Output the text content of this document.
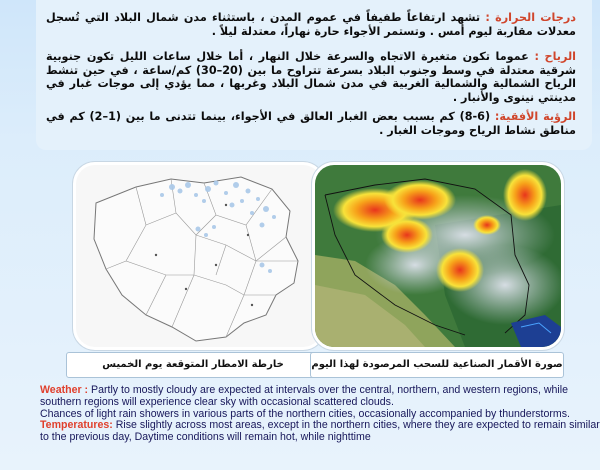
درجات الحرارة : تشهد ارتفاعاً طفيفاً في عموم المدن ، باستثناء مدن شمال البلاد التي تُسجل معدلات مقاربة ليوم أمس . وتستمر الأجواء حارة نهاراً، معتدلة ليلاً .

الرياح : عموما تكون متغيرة الاتجاه والسرعة خلال النهار ، أما خلال ساعات الليل تكون جنوبية شرقية معتدلة في وسط وجنوب البلاد بسرعة تتراوح ما بين (20–30) كم/ساعة ، في حين تنشط الرياح الشمالية والشمالية الغربية في مدن شمال البلاد وغربها ، مما يؤدي إلى موجات غبار في مدينتي نينوى والأنبار .

الرؤية الأفقية: (6-8) كم بسبب بعض الغبار العالق في الأجواء، بينما تتدنى ما بين (1–2) كم في مناطق نشاط الرياح وموجات الغبار .

خارطة الامطار المتوقعة يوم الخميس	صورة الأقمار الصناعية للسحب المرصودة لهذا اليوم

Weather : Partly to mostly cloudy are expected at intervals over the central, northern, and western regions, while southern regions will experience clear sky with occasional scattered clouds.

Chances of light rain showers in various parts of the northern cities, occasionally accompanied by thunderstorms.

Temperatures: Rise slightly across most areas, except in the northern cities, where they are expected to remain similar to the previous day, Daytime conditions will remain hot, while nighttime
